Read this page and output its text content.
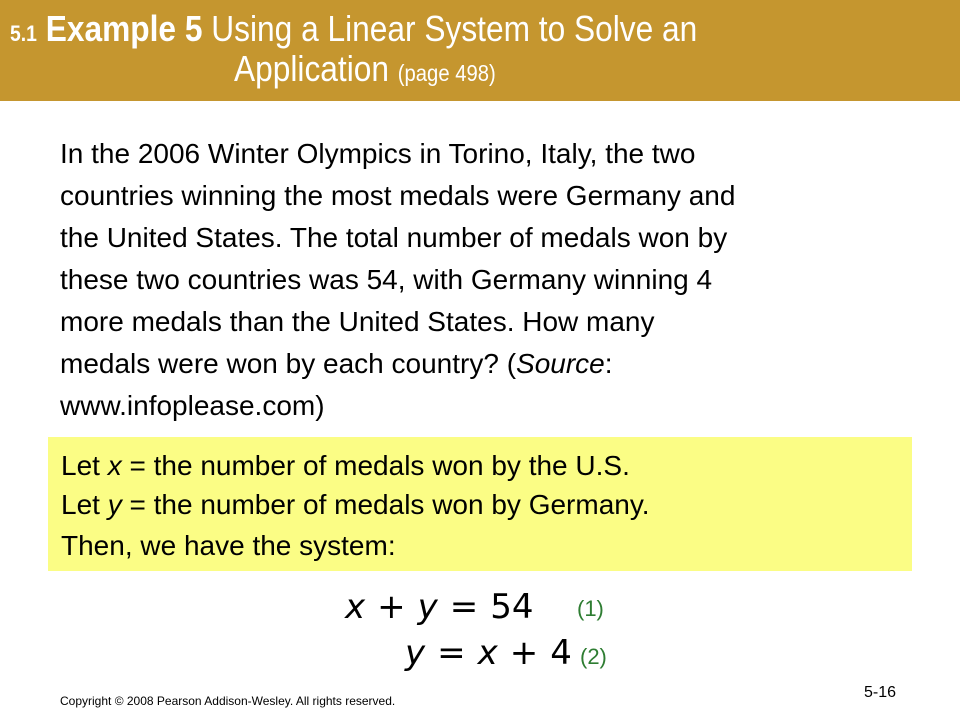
5.1 Example 5 Using a Linear System to Solve an
Application (page 498)
In the 2006 Winter Olympics in Torino, Italy, the two
countries winning the most medals were Germany and
the United States. The total number of medals won by
these two countries was 54, with Germany winning 4
more medals than the United States. How many
medals were won by each country? (Source:
www.infoplease.com)
Let x = the number of medals won by the U.S.
Let y = the number of medals won by Germany.
Then, we have the system:
x + y = 54 (1)
y = x + 4 (2)
Copyright © 2008 Pearson Addison-Wesley. All rights reserved.	5-16
